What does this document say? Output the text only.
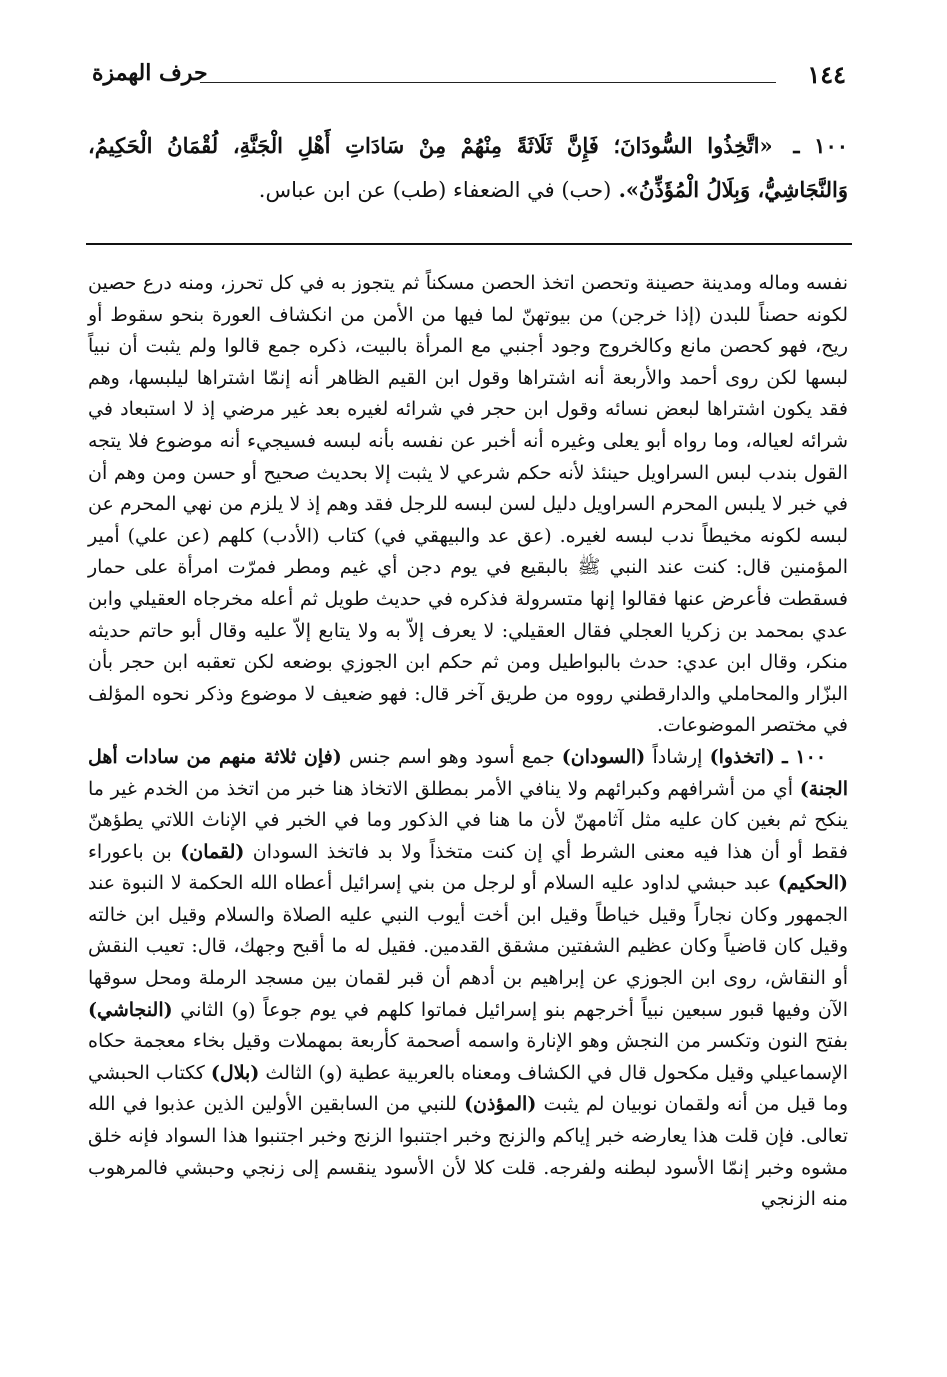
١٤٤
حرف الهمزة
١٠٠ ـ «اتَّخِذُوا السُّودَانَ؛ فَإِنَّ ثَلَاثَةً مِنْهُمْ مِنْ سَادَاتِ أَهْلِ الْجَنَّةِ، لُقْمَانُ الْحَكِيمُ، وَالنَّجَاشِيُّ، وَبِلَالُ الْمُؤَذِّنُ». (حب) في الضعفاء (طب) عن ابن عباس.

نفسه وماله ومدينة حصينة وتحصن اتخذ الحصن مسكناً ثم يتجوز به في كل تحرز، ومنه درع حصين لكونه حصناً للبدن (إذا خرجن) من بيوتهنّ لما فيها من الأمن من انكشاف العورة بنحو سقوط أو ريح، فهو كحصن مانع وكالخروج وجود أجنبي مع المرأة بالبيت، ذكره جمع قالوا ولم يثبت أن نبياً لبسها لكن روى أحمد والأربعة أنه اشتراها وقول ابن القيم الظاهر أنه إنمّا اشتراها ليلبسها، وهم فقد يكون اشتراها لبعض نسائه وقول ابن حجر في شرائه لغيره بعد غير مرضي إذ لا استبعاد في شرائه لعياله، وما رواه أبو يعلى وغيره أنه أخبر عن نفسه بأنه لبسه فسيجيء أنه موضوع فلا يتجه القول بندب لبس السراويل حينئذ لأنه حكم شرعي لا يثبت إلا بحديث صحيح أو حسن ومن وهم أن في خبر لا يلبس المحرم السراويل دليل لسن لبسه للرجل فقد وهم إذ لا يلزم من نهي المحرم عن لبسه لكونه مخيطاً ندب لبسه لغيره. (عق عد والبيهقي في) كتاب (الأدب) كلهم (عن علي) أمير المؤمنين قال: كنت عند النبي ﷺ بالبقيع في يوم دجن أي غيم ومطر فمرّت امرأة على حمار فسقطت فأعرض عنها فقالوا إنها متسرولة فذكره في حديث طويل ثم أعله مخرجاه العقيلي وابن عدي بمحمد بن زكريا العجلي فقال العقيلي: لا يعرف إلاّ به ولا يتابع إلاّ عليه وقال أبو حاتم حديثه منكر، وقال ابن عدي: حدث بالبواطيل ومن ثم حكم ابن الجوزي بوضعه لكن تعقبه ابن حجر بأن البزّار والمحاملي والدارقطني رووه من طريق آخر قال: فهو ضعيف لا موضوع وذكر نحوه المؤلف في مختصر الموضوعات.

١٠٠ ـ (اتخذوا) إرشاداً (السودان) جمع أسود وهو اسم جنس (فإن ثلاثة منهم من سادات أهل الجنة) أي من أشرافهم وكبرائهم ولا ينافي الأمر بمطلق الاتخاذ هنا خبر من اتخذ من الخدم غير ما ينكح ثم بغين كان عليه مثل آثامهنّ لأن ما هنا في الذكور وما في الخبر في الإناث اللاتي يطؤهنّ فقط أو أن هذا فيه معنى الشرط أي إن كنت متخذاً ولا بد فاتخذ السودان (لقمان) بن باعوراء (الحكيم) عبد حبشي لداود عليه السلام أو لرجل من بني إسرائيل أعطاه الله الحكمة لا النبوة عند الجمهور وكان نجاراً وقيل خياطاً وقيل ابن أخت أيوب النبي عليه الصلاة والسلام وقيل ابن خالته وقيل كان قاضياً وكان عظيم الشفتين مشقق القدمين. فقيل له ما أقبح وجهك، قال: تعيب النقش أو النقاش، روى ابن الجوزي عن إبراهيم بن أدهم أن قبر لقمان بين مسجد الرملة ومحل سوقها الآن وفيها قبور سبعين نبياً أخرجهم بنو إسرائيل فماتوا كلهم في يوم جوعاً (و) الثاني (النجاشي) بفتح النون وتكسر من النجش وهو الإنارة واسمه أصحمة كأربعة بمهملات وقيل بخاء معجمة حكاه الإسماعيلي وقيل مكحول قال في الكشاف ومعناه بالعربية عطية (و) الثالث (بلال) ككتاب الحبشي وما قيل من أنه ولقمان نوبيان لم يثبت (المؤذن) للنبي من السابقين الأولين الذين عذبوا في الله تعالى. فإن قلت هذا يعارضه خبر إياكم والزنج وخبر اجتنبوا الزنج وخبر اجتنبوا هذا السواد فإنه خلق مشوه وخبر إنمّا الأسود لبطنه ولفرجه. قلت كلا لأن الأسود ينقسم إلى زنجي وحبشي فالمرهوب منه الزنجي
